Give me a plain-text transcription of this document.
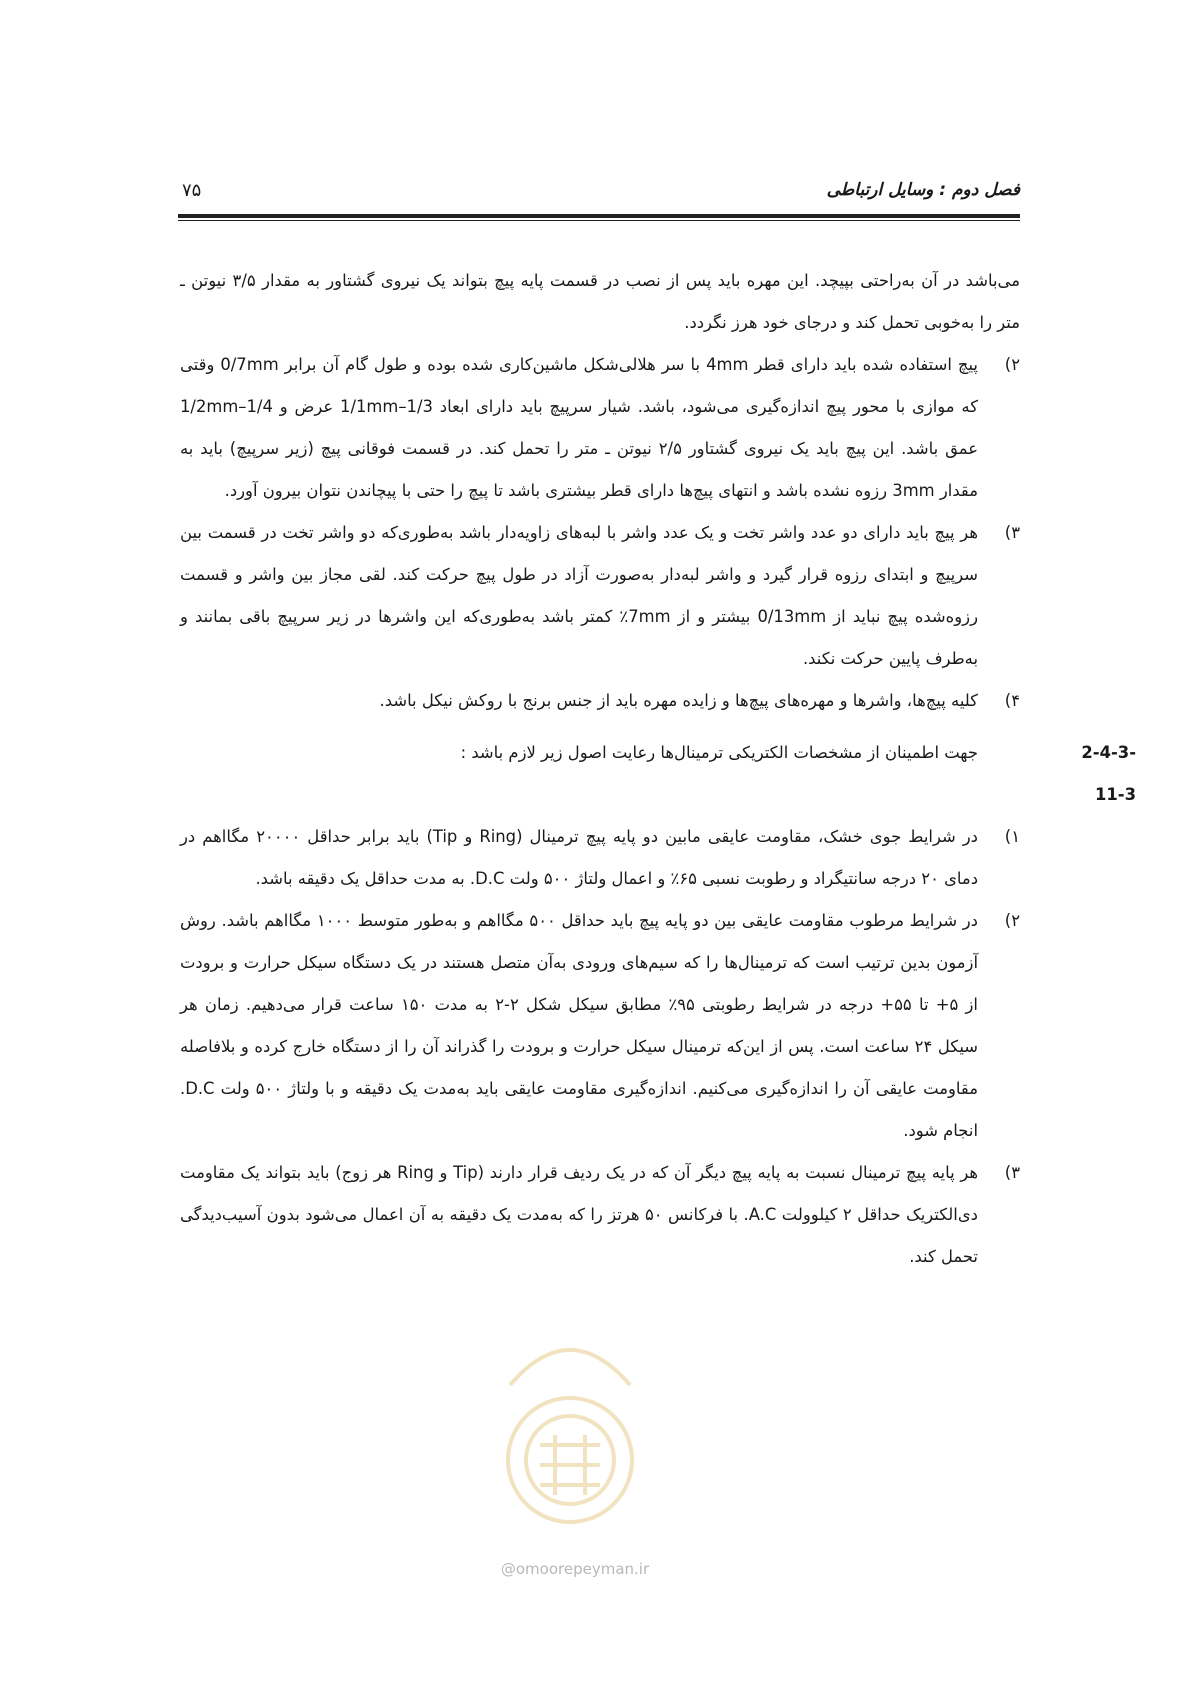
فصل دوم : وسایل ارتباطی
۷۵

می‌باشد در آن به‌راحتی بپیچد. این مهره باید پس از نصب در قسمت پایه پیچ بتواند یک نیروی گشتاور به مقدار ۳/۵ نیوتن ـ متر را به‌خوبی تحمل کند و درجای خود هرز نگردد.

۲)
پیچ استفاده شده باید دارای قطر 4mm با سر هلالی‌شکل ماشین‌کاری شده بوده و طول گام آن برابر 0/7mm وقتی که موازی با محور پیچ اندازه‌گیری می‌شود، باشد. شیار سرپیچ باید دارای ابعاد 1/1mm–1/3 عرض و 1/2mm–1/4 عمق باشد. این پیچ باید یک نیروی گشتاور ۲/۵ نیوتن ـ متر را تحمل کند. در قسمت فوقانی پیچ (زیر سرپیچ) باید به مقدار 3mm رزوه نشده باشد و انتهای پیچ‌ها دارای قطر بیشتری باشد تا پیچ را حتی با پیچاندن نتوان بیرون آورد.
۳)
هر پیچ باید دارای دو عدد واشر تخت و یک عدد واشر با لبه‌های زاویه‌دار باشد به‌طوری‌که دو واشر تخت در قسمت بین سرپیچ و ابتدای رزوه قرار گیرد و واشر لبه‌دار به‌صورت آزاد در طول پیچ حرکت کند. لقی مجاز بین واشر و قسمت رزوه‌شده پیچ نباید از 0/13mm بیشتر و از 7mm٪ کمتر باشد به‌طوری‌که این واشرها در زیر سرپیچ باقی بمانند و به‌طرف پایین حرکت نکند.
۴)
کلیه پیچ‌ها، واشرها و مهره‌های پیچ‌ها و زایده مهره باید از جنس برنج با روکش نیکل باشد.
2-4-3-11-3
جهت اطمینان از مشخصات الکتریکی ترمینال‌ها رعایت اصول زیر لازم باشد :
۱)
در شرایط جوی خشک، مقاومت عایقی مابین دو پایه پیچ ترمینال (Ring و Tip) باید برابر حداقل ۲۰۰۰۰ مگااهم در دمای ۲۰ درجه سانتیگراد و رطوبت نسبی ۶۵٪ و اعمال ولتاژ ۵۰۰ ولت D.C. به مدت حداقل یک دقیقه باشد.
۲)
در شرایط مرطوب مقاومت عایقی بین دو پایه پیچ باید حداقل ۵۰۰ مگااهم و به‌طور متوسط ۱۰۰۰ مگااهم باشد. روش آزمون بدین ترتیب است که ترمینال‌ها را که سیم‌های ورودی به‌آن متصل هستند در یک دستگاه سیکل حرارت و برودت از ۵+ تا ۵۵+ درجه در شرایط رطوبتی ۹۵٪ مطابق سیکل شکل ۲-۲ به مدت ۱۵۰ ساعت قرار می‌دهیم. زمان هر سیکل ۲۴ ساعت است. پس از این‌که ترمینال سیکل حرارت و برودت را گذراند آن را از دستگاه خارج کرده و بلافاصله مقاومت عایقی آن را اندازه‌گیری می‌کنیم. اندازه‌گیری مقاومت عایقی باید به‌مدت یک دقیقه و با ولتاژ ۵۰۰ ولت D.C. انجام شود.
۳)
هر پایه پیچ ترمینال نسبت به پایه پیچ دیگر آن که در یک ردیف قرار دارند (Tip و Ring هر زوج) باید بتواند یک مقاومت دی‌الکتریک حداقل ۲ کیلوولت A.C. با فرکانس ۵۰ هرتز را که به‌مدت یک دقیقه به آن اعمال می‌شود بدون آسیب‌دیدگی تحمل کند.
@omoorepeyman.ir
